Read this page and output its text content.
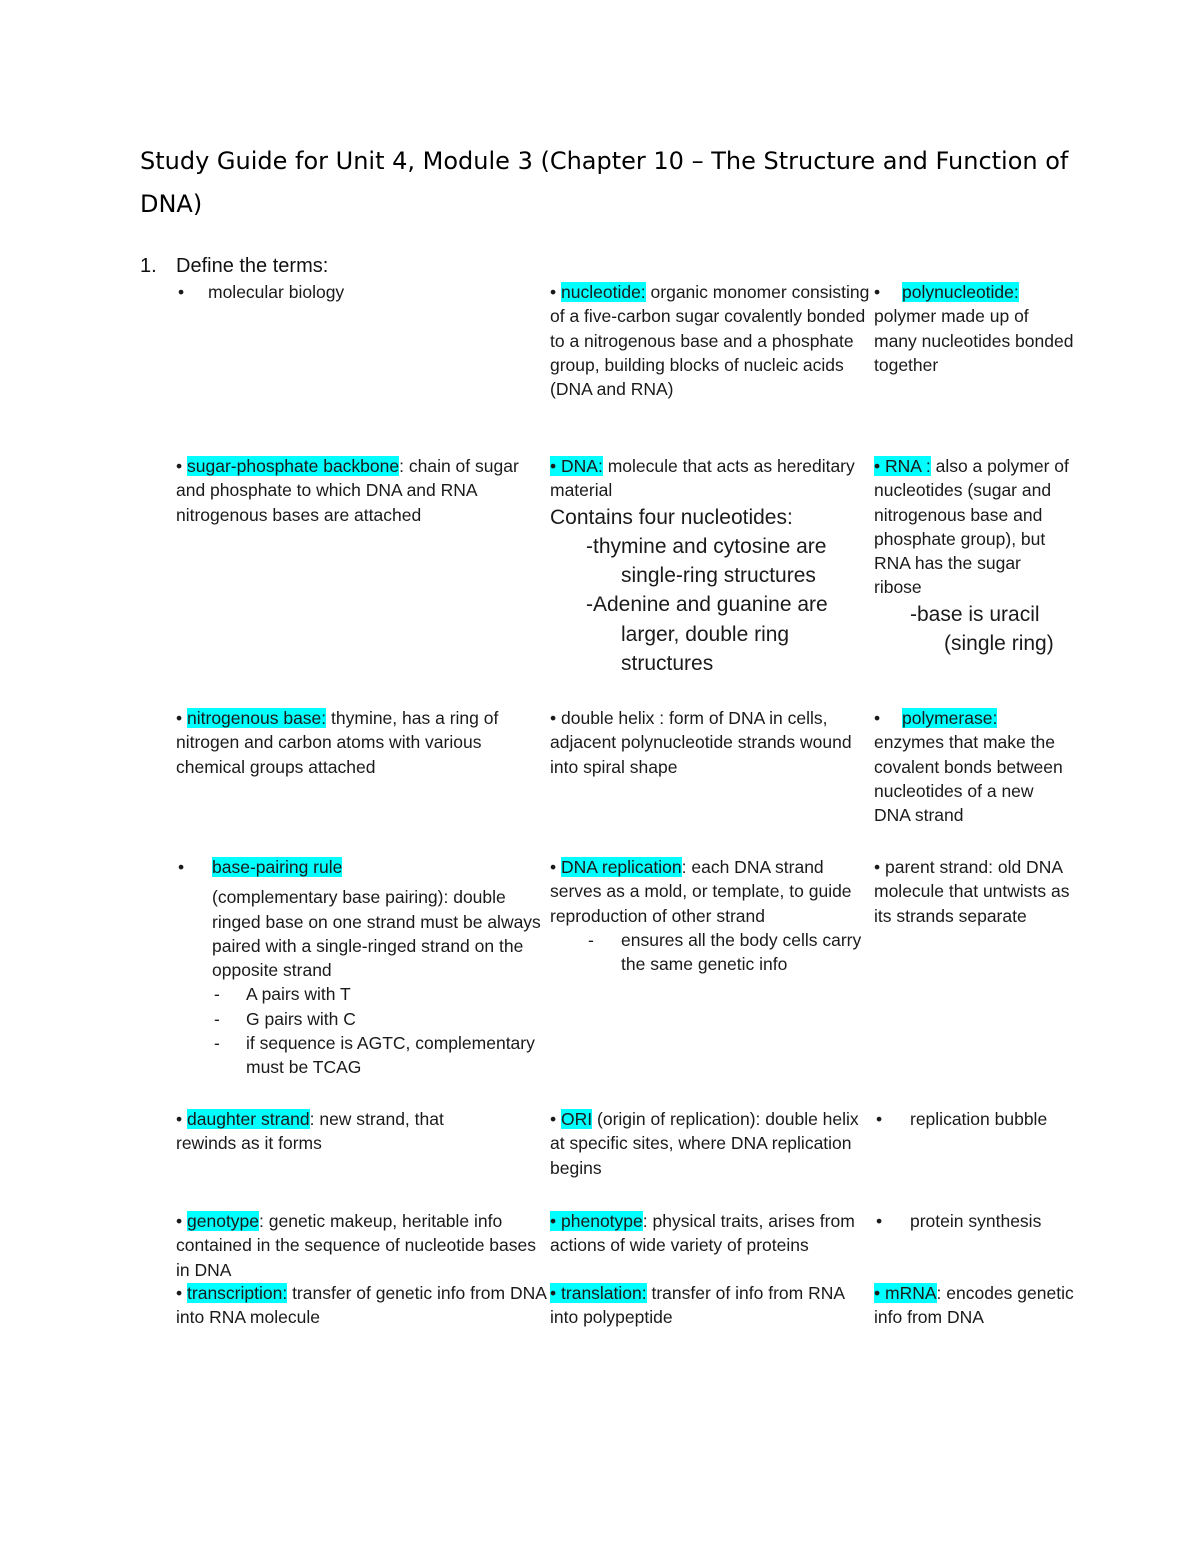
Study Guide for Unit 4, Module 3 (Chapter 10 – The Structure and Function of DNA)
1. Define the terms:
• molecular biology	• nucleotide: organic monomer consisting of a five-carbon sugar covalently bonded to a nitrogenous base and a phosphate group, building blocks of nucleic acids (DNA and RNA)
• polynucleotide:
polymer made up of many nucleotides bonded together
• sugar-phosphate backbone: chain of sugar and phosphate to which DNA and RNA nitrogenous bases are attached
• DNA: molecule that acts as hereditary material
Contains four nucleotides:
-thymine and cytosine are
single-ring structures
-Adenine and guanine are
larger, double ring
structures
• RNA : also a polymer of nucleotides (sugar and nitrogenous base and phosphate group), but RNA has the sugar ribose
-base is uracil
(single ring)
• nitrogenous base: thymine, has a ring of nitrogen and carbon atoms with various chemical groups attached
• double helix : form of DNA in cells, adjacent polynucleotide strands wound into spiral shape
• polymerase:
enzymes that make the covalent bonds between nucleotides of a new DNA strand
• base-pairing rule
(complementary base pairing): double ringed base on one strand must be always paired with a single-ringed strand on the opposite strand
- A pairs with T
- G pairs with C
- if sequence is AGTC, complementary must be TCAG
• DNA replication: each DNA strand serves as a mold, or template, to guide reproduction of other strand
- ensures all the body cells carry the same genetic info
• parent strand: old DNA molecule that untwists as its strands separate
• daughter strand: new strand, that rewinds as it forms
• ORI (origin of replication): double helix at specific sites, where DNA replication begins
• replication bubble
• genotype: genetic makeup, heritable info contained in the sequence of nucleotide bases in DNA
• phenotype: physical traits, arises from actions of wide variety of proteins
• protein synthesis
• transcription: transfer of genetic info from DNA into RNA molecule
• translation: transfer of info from RNA into polypeptide
• mRNA: encodes genetic info from DNA
